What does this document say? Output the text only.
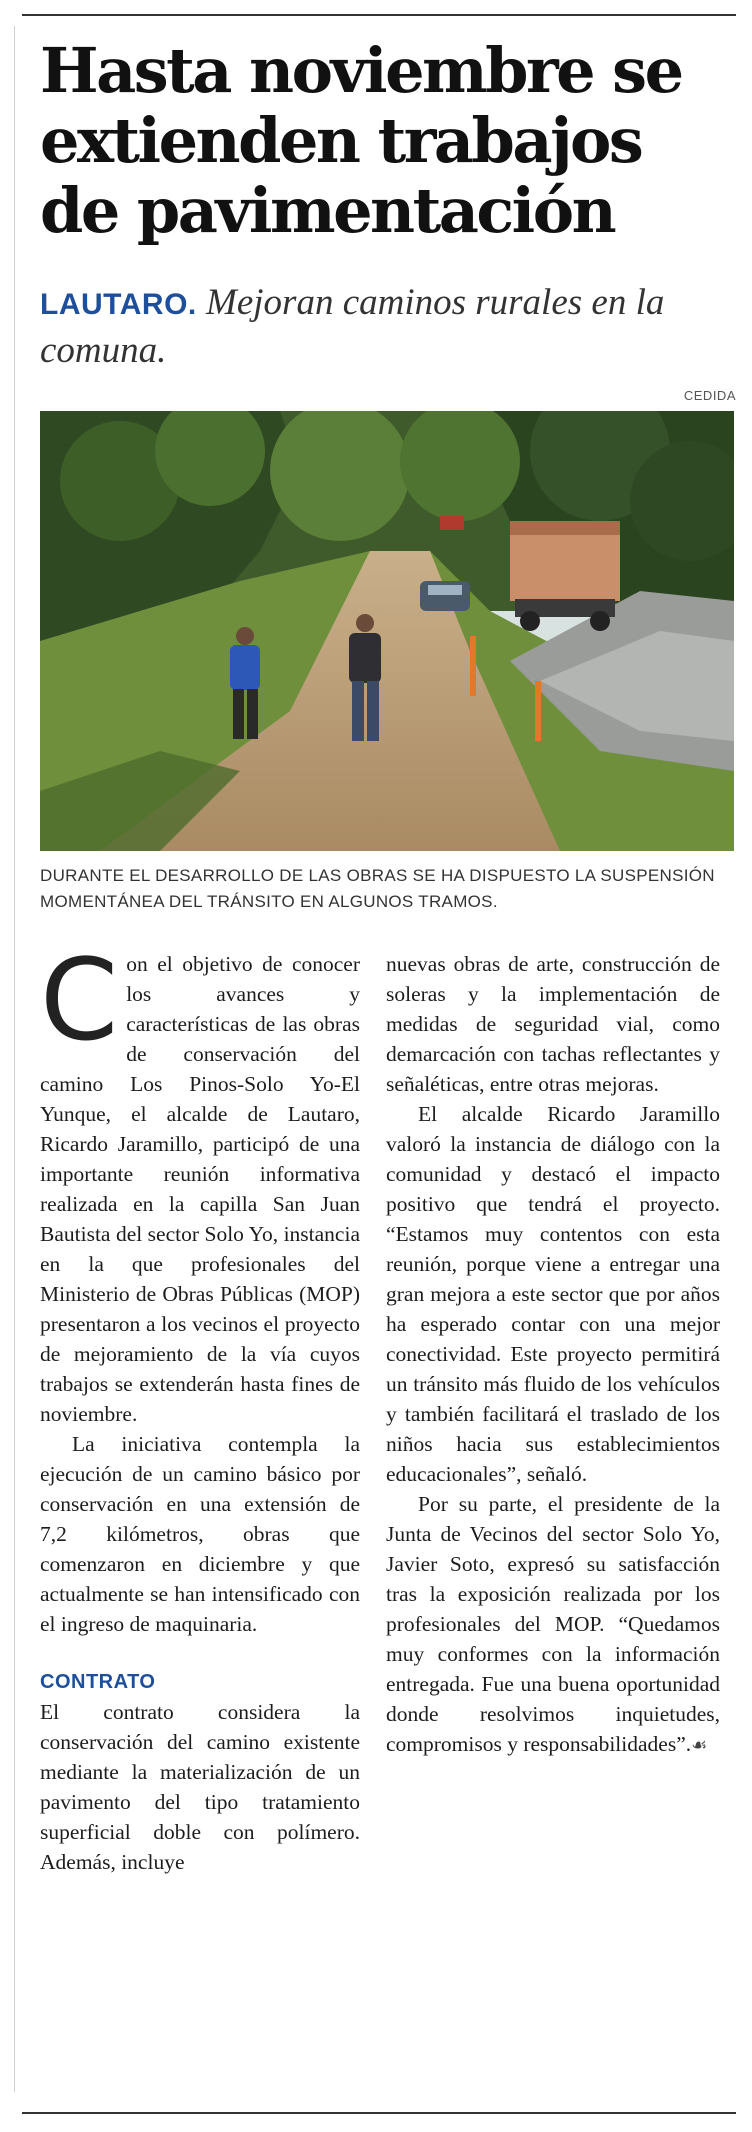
Hasta noviembre se extienden trabajos de pavimentación
LAUTARO. Mejoran caminos rurales en la comuna.
CEDIDA
DURANTE EL DESARROLLO DE LAS OBRAS SE HA DISPUESTO LA SUSPENSIÓN MOMENTÁNEA DEL TRÁNSITO EN ALGUNOS TRAMOS.

Con el objetivo de conocer los avances y características de las obras de conservación del camino Los Pinos-Solo Yo-El Yunque, el alcalde de Lautaro, Ricardo Jaramillo, participó de una importante reunión informativa realizada en la capilla San Juan Bautista del sector Solo Yo, instancia en la que profesionales del Ministerio de Obras Públicas (MOP) presentaron a los vecinos el proyecto de mejoramiento de la vía cuyos trabajos se extenderán hasta fines de noviembre.

La iniciativa contempla la ejecución de un camino básico por conservación en una extensión de 7,2 kilómetros, obras que comenzaron en diciembre y que actualmente se han intensificado con el ingreso de maquinaria.

CONTRATO

El contrato considera la conservación del camino existente mediante la materialización de un pavimento del tipo tratamiento superficial doble con polímero. Además, incluye

nuevas obras de arte, construcción de soleras y la implementación de medidas de seguridad vial, como demarcación con tachas reflectantes y señaléticas, entre otras mejoras.

El alcalde Ricardo Jaramillo valoró la instancia de diálogo con la comunidad y destacó el impacto positivo que tendrá el proyecto. “Estamos muy contentos con esta reunión, porque viene a entregar una gran mejora a este sector que por años ha esperado contar con una mejor conectividad. Este proyecto permitirá un tránsito más fluido de los vehículos y también facilitará el traslado de los niños hacia sus establecimientos educacionales”, señaló.

Por su parte, el presidente de la Junta de Vecinos del sector Solo Yo, Javier Soto, expresó su satisfacción tras la exposición realizada por los profesionales del MOP. “Quedamos muy conformes con la información entregada. Fue una buena oportunidad donde resolvimos inquietudes, compromisos y responsabilidades”.☙
